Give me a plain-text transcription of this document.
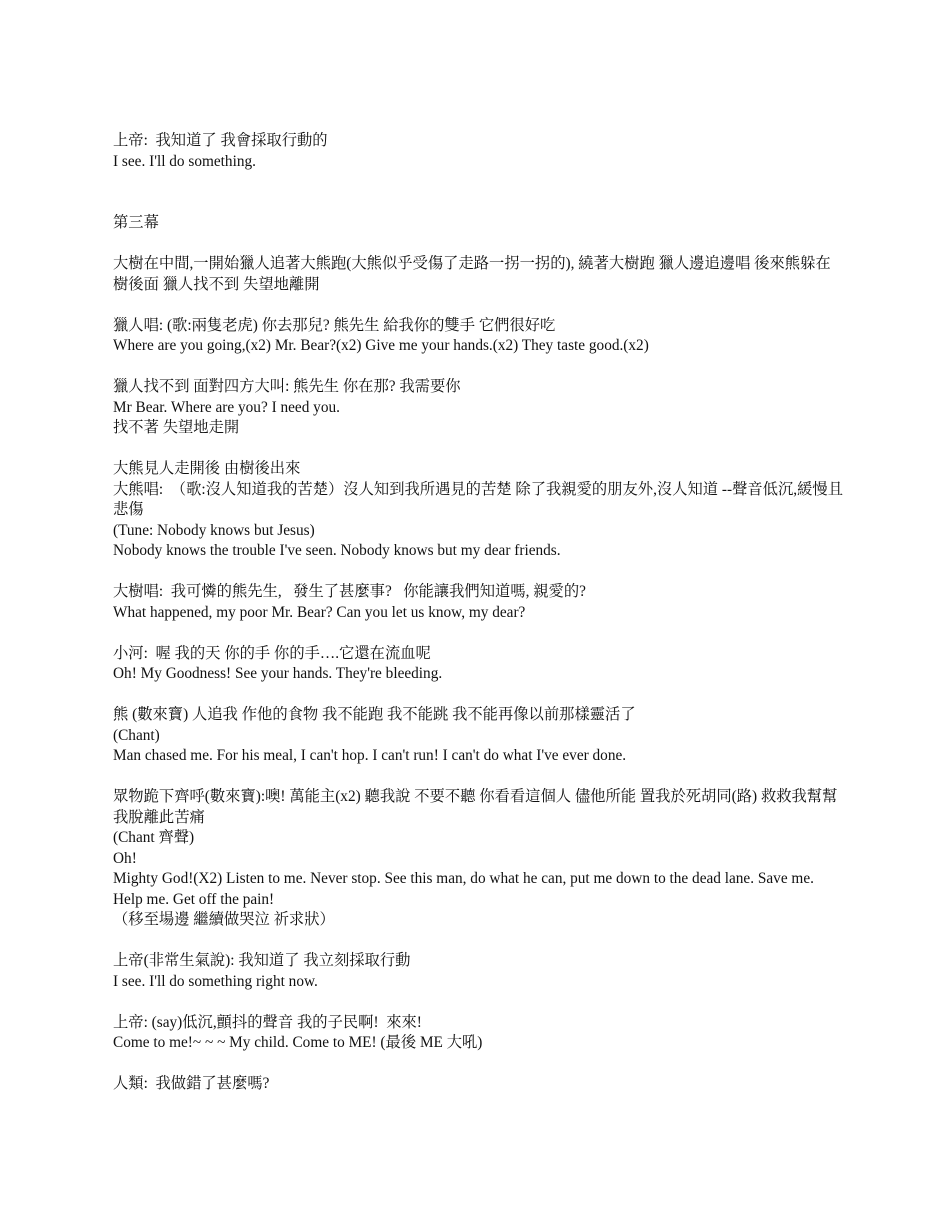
上帝:  我知道了 我會採取行動的
I see. I'll do something.
第三幕
大樹在中間,一開始獵人追著大熊跑(大熊似乎受傷了走路一拐一拐的), 繞著大樹跑 獵人邊追邊唱 後來熊躲在樹後面 獵人找不到 失望地離開
獵人唱: (歌:兩隻老虎) 你去那兒? 熊先生 給我你的雙手 它們很好吃
Where are you going,(x2) Mr. Bear?(x2) Give me your hands.(x2) They taste good.(x2)
獵人找不到 面對四方大叫: 熊先生 你在那? 我需要你
Mr Bear. Where are you? I need you.
找不著 失望地走開
大熊見人走開後 由樹後出來
大熊唱:  （歌:沒人知道我的苦楚）沒人知到我所遇見的苦楚 除了我親愛的朋友外,沒人知道 --聲音低沉,緩慢且悲傷
(Tune: Nobody knows but Jesus)
Nobody knows the trouble I've seen. Nobody knows but my dear friends.
大樹唱:  我可憐的熊先生,   發生了甚麼事?   你能讓我們知道嗎, 親愛的?
What happened, my poor Mr. Bear? Can you let us know, my dear?
小河:  喔 我的天 你的手 你的手….它還在流血呢
Oh! My Goodness! See your hands. They're bleeding.
熊 (數來寶) 人追我 作他的食物 我不能跑 我不能跳 我不能再像以前那樣靈活了
(Chant)
Man chased me. For his meal, I can't hop. I can't run! I can't do what I've ever done.
眾物跪下齊呼(數來寶):噢! 萬能主(x2) 聽我說 不要不聽 你看看這個人 儘他所能 置我於死胡同(路) 救救我幫幫我脫離此苦痛
(Chant 齊聲)
Oh!
Mighty God!(X2) Listen to me. Never stop. See this man, do what he can, put me down to the dead lane. Save me. Help me. Get off the pain!
（移至場邊 繼續做哭泣 祈求狀）
上帝(非常生氣說): 我知道了 我立刻採取行動
I see. I'll do something right now.
上帝: (say)低沉,顫抖的聲音 我的子民啊!  來來!
Come to me!~ ~ ~ My child. Come to ME! (最後 ME 大吼)
人類:  我做錯了甚麼嗎?
